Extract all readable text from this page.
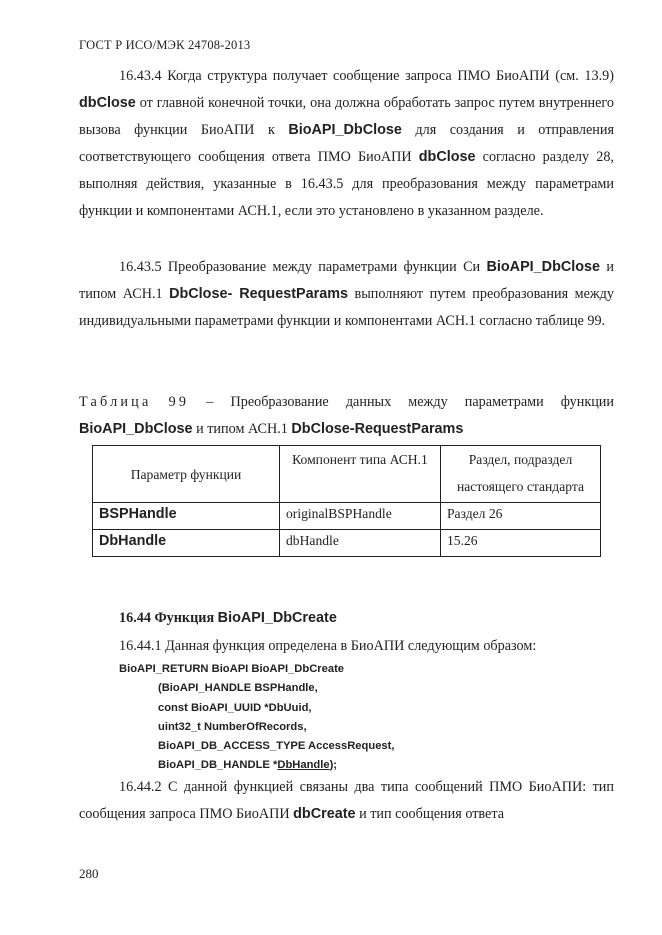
ГОСТ Р ИСО/МЭК 24708-2013
16.43.4 Когда структура получает сообщение запроса ПМО БиоАПИ (см. 13.9) dbClose от главной конечной точки, она должна обработать запрос путем внутреннего вызова функции БиоАПИ к BioAPI_DbClose для создания и отправления соответствующего сообщения ответа ПМО БиоАПИ dbClose согласно разделу 28, выполняя действия, указанные в 16.43.5 для преобразования между параметрами функции и компонентами АСН.1, если это установлено в указанном разделе.
16.43.5 Преобразование между параметрами функции Си BioAPI_DbClose и типом АСН.1 DbClose- RequestParams выполняют путем преобразования между индивидуальными параметрами функции и компонентами АСН.1 согласно таблице 99.
Таблица 99 – Преобразование данных между параметрами функции BioAPI_DbClose и типом АСН.1 DbClose-RequestParams
Параметр функции	Компонент типа АСН.1	Раздел, подраздел настоящего стандарта
BSPHandle	originalBSPHandle	Раздел 26
DbHandle	dbHandle	15.26
16.44 Функция BioAPI_DbCreate
16.44.1 Данная функция определена в БиоАПИ следующим образом:
BioAPI_RETURN BioAPI BioAPI_DbCreate
(BioAPI_HANDLE BSPHandle,
const BioAPI_UUID *DbUuid,
uint32_t NumberOfRecords,
BioAPI_DB_ACCESS_TYPE AccessRequest,
BioAPI_DB_HANDLE *DbHandle);
16.44.2 С данной функцией связаны два типа сообщений ПМО БиоАПИ: тип сообщения запроса ПМО БиоАПИ dbCreate и тип сообщения ответа
280
